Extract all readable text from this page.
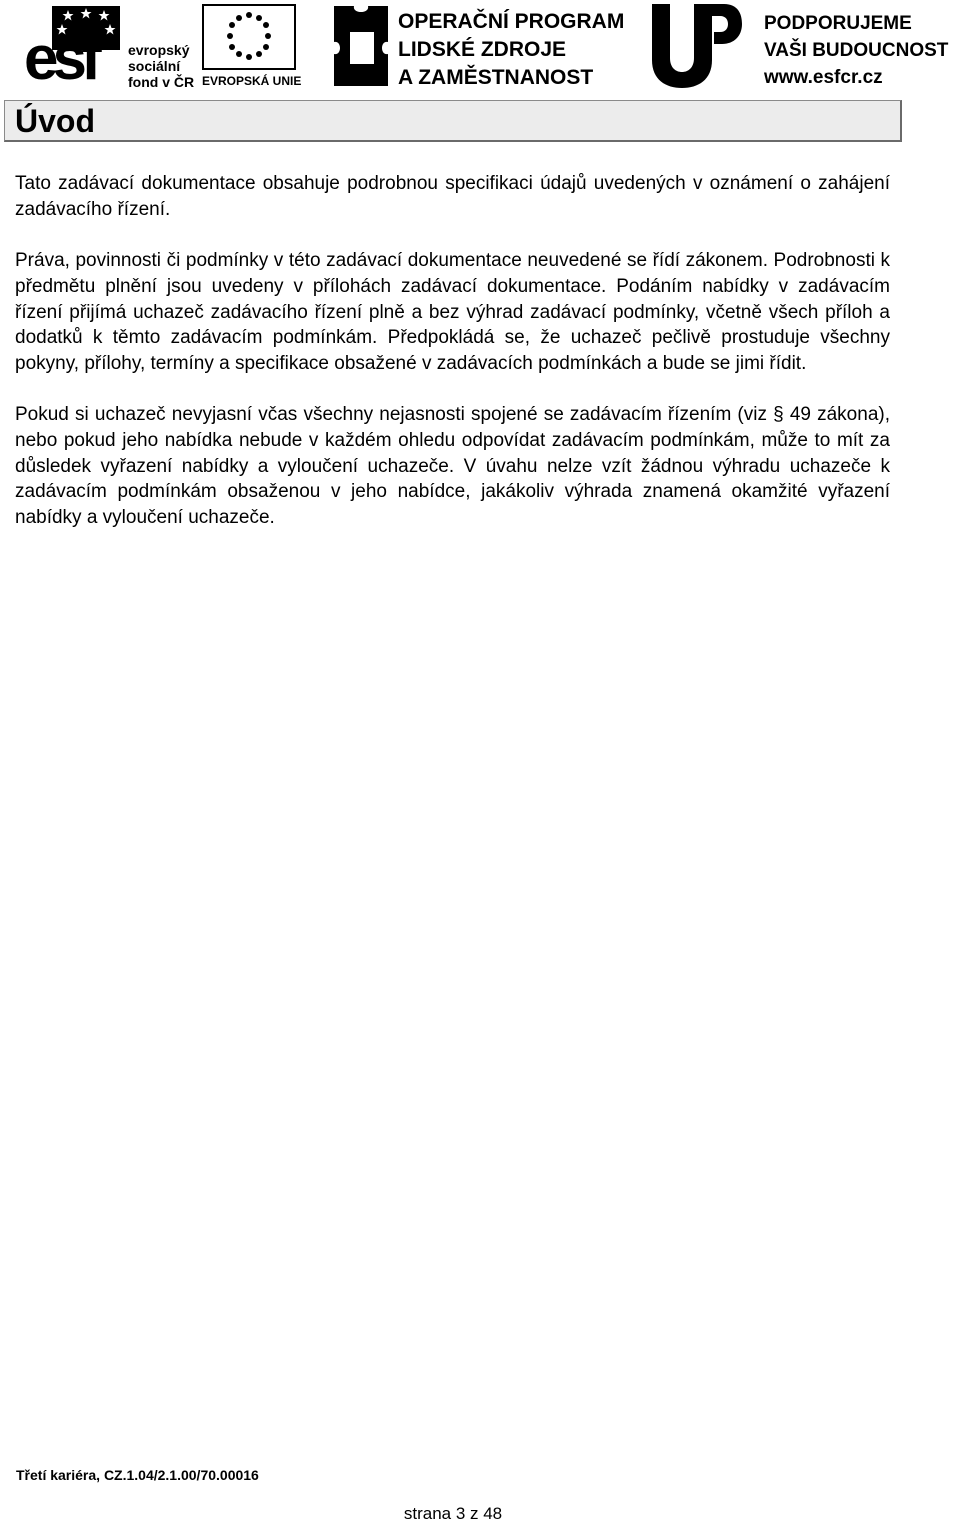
esf evropský
sociální
fond v ČR EVROPSKÁ UNIE
OPERAČNÍ PROGRAM
LIDSKÉ ZDROJE
A ZAMĚSTNANOST
PODPORUJEME
VAŠI BUDOUCNOST
www.esfcr.cz
Úvod

Tato zadávací dokumentace obsahuje podrobnou specifikaci údajů uvedených v oznámení o zahájení zadávacího řízení.

Práva, povinnosti či podmínky v této zadávací dokumentace neuvedené se řídí zákonem. Podrobnosti k předmětu plnění jsou uvedeny v přílohách zadávací dokumentace. Podáním nabídky v zadávacím řízení přijímá uchazeč zadávacího řízení plně a bez výhrad zadávací podmínky, včetně všech příloh a dodatků k těmto zadávacím podmínkám. Předpokládá se, že uchazeč pečlivě prostuduje všechny pokyny, přílohy, termíny a specifikace obsažené v zadávacích podmínkách a bude se jimi řídit.

Pokud si uchazeč nevyjasní včas všechny nejasnosti spojené se zadávacím řízením (viz § 49 zákona), nebo pokud jeho nabídka nebude v každém ohledu odpovídat zadávacím podmínkám, může to mít za důsledek vyřazení nabídky a vyloučení uchazeče. V úvahu nelze vzít žádnou výhradu uchazeče k zadávacím podmínkám obsaženou v jeho nabídce, jakákoliv výhrada znamená okamžité vyřazení nabídky a vyloučení uchazeče.

Třetí kariéra, CZ.1.04/2.1.00/70.00016
strana 3 z 48
